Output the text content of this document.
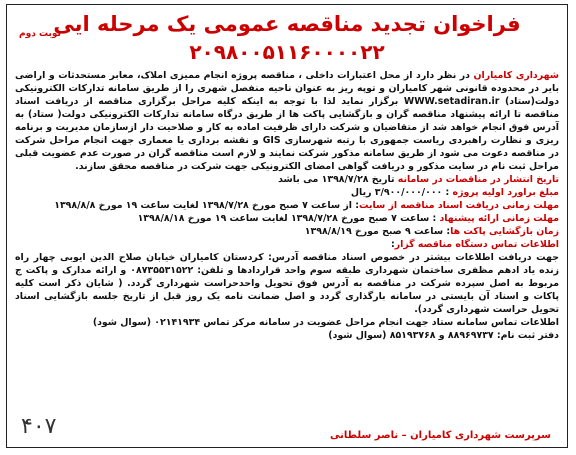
نوبت دوم
فراخوان تجدید مناقصه عمومی یک مرحله ایی
۲۰۹۸۰۰۵۱۱۶۰۰۰۰۲۲

شهرداری کامیاران در نظر دارد از محل اعتبارات داخلی ، مناقصه پروژه انجام ممیزی املاک، معابر مستحدثات و اراضی بایر در محدوده قانونی شهر کامیاران و توپه ریز به عنوان ناحیه منفصل شهری را از طریق سامانه تدارکات الکترونیکی دولت(ستاد) WWW.setadiran.ir برگزار نماید لذا با توجه به اینکه کلیه مراحل برگزاری مناقصه از دریافت اسناد مناقصه تا ارائه پیشنهاد مناقصه گران و بازگشایی پاکت ها از طریق درگاه سامانه تدارکات الکترونیکی دولت( ستاد) به آدرس فوق انجام خواهد شد از متقاضیان و شرکت دارای ظرفیت اماده به کار و صلاحیت دار ازسازمان مدیریت و برنامه ریزی و نظارت راهبردی ریاست جمهوری با رتبه شهرسازی GIS و نقشه برداری یا معماری جهت انجام مراحل شرکت در مناقصه دعوت می شود از طریق سامانه مذکور شرکت نمایند و لازم است مناقصه گران در صورت عدم عضویت قبلی مراحل ثبت نام در سایت مذکور و دریافت گواهی امضای الکترونیکی جهت شرکت در مناقصه محقق سازند.

تاریخ انتشار در مناقصات در سامانه تاریخ ۱۳۹۸/۷/۲۸ می باشد

مبلغ براورد اولیه پروژه : ۳/۹۰۰/۰۰۰/۰۰۰ ریال

مهلت زمانی دریافت اسناد مناقصه از سایت: از ساعت ۷ صبح مورخ ۱۳۹۸/۷/۲۸ لغایت ساعت ۱۹ مورخ ۱۳۹۸/۸/۸

مهلت زمانی ارائه پیشنهاد : ساعت ۷ صبح مورخ ۱۳۹۸/۷/۲۸ لغایت ساعت ۱۹ مورخ ۱۳۹۸/۸/۱۸

زمان بازگشایی پاکت ها: ساعت ۹ صبح مورخ ۱۳۹۸/۸/۱۹

اطلاعات تماس دستگاه مناقصه گزار:

جهت دریافت اطلاعات بیشتر در خصوص اسناد مناقصه آدرس: کردستان کامیاران خیابان صلاح الدین ایوبی چهار راه زنده یاد ادهم مظفری ساختمان شهرداری طبقه سوم واحد قراردادها و تلفن: ۰۸۷۳۵۵۳۱۵۲۲ و ارائه مدارک و پاکت ج مربوط به اصل سپرده شرکت در مناقصه به آدرس فوق تحویل واحدحراست شهرداری گردد. ( شایان ذکر است کلیه پاکات و اسناد آن بایستی در سامانه بارگذاری گردد و اصل ضمانت نامه یک روز قبل از تاریخ جلسه بازگشایی اسناد تحویل حراست شهرداری گردد).

اطلاعات تماس سامانه ستاد جهت انجام مراحل عضویت در سامانه مرکز تماس ۰۲۱۴۱۹۳۴ (سوال شود)

دفتر ثبت نام: ۸۸۹۶۹۷۳۷ و ۸۵۱۹۳۷۶۸ (سوال شود)

سرپرست شهرداری کامیاران – ناصر سلطانی
۴۰۷
